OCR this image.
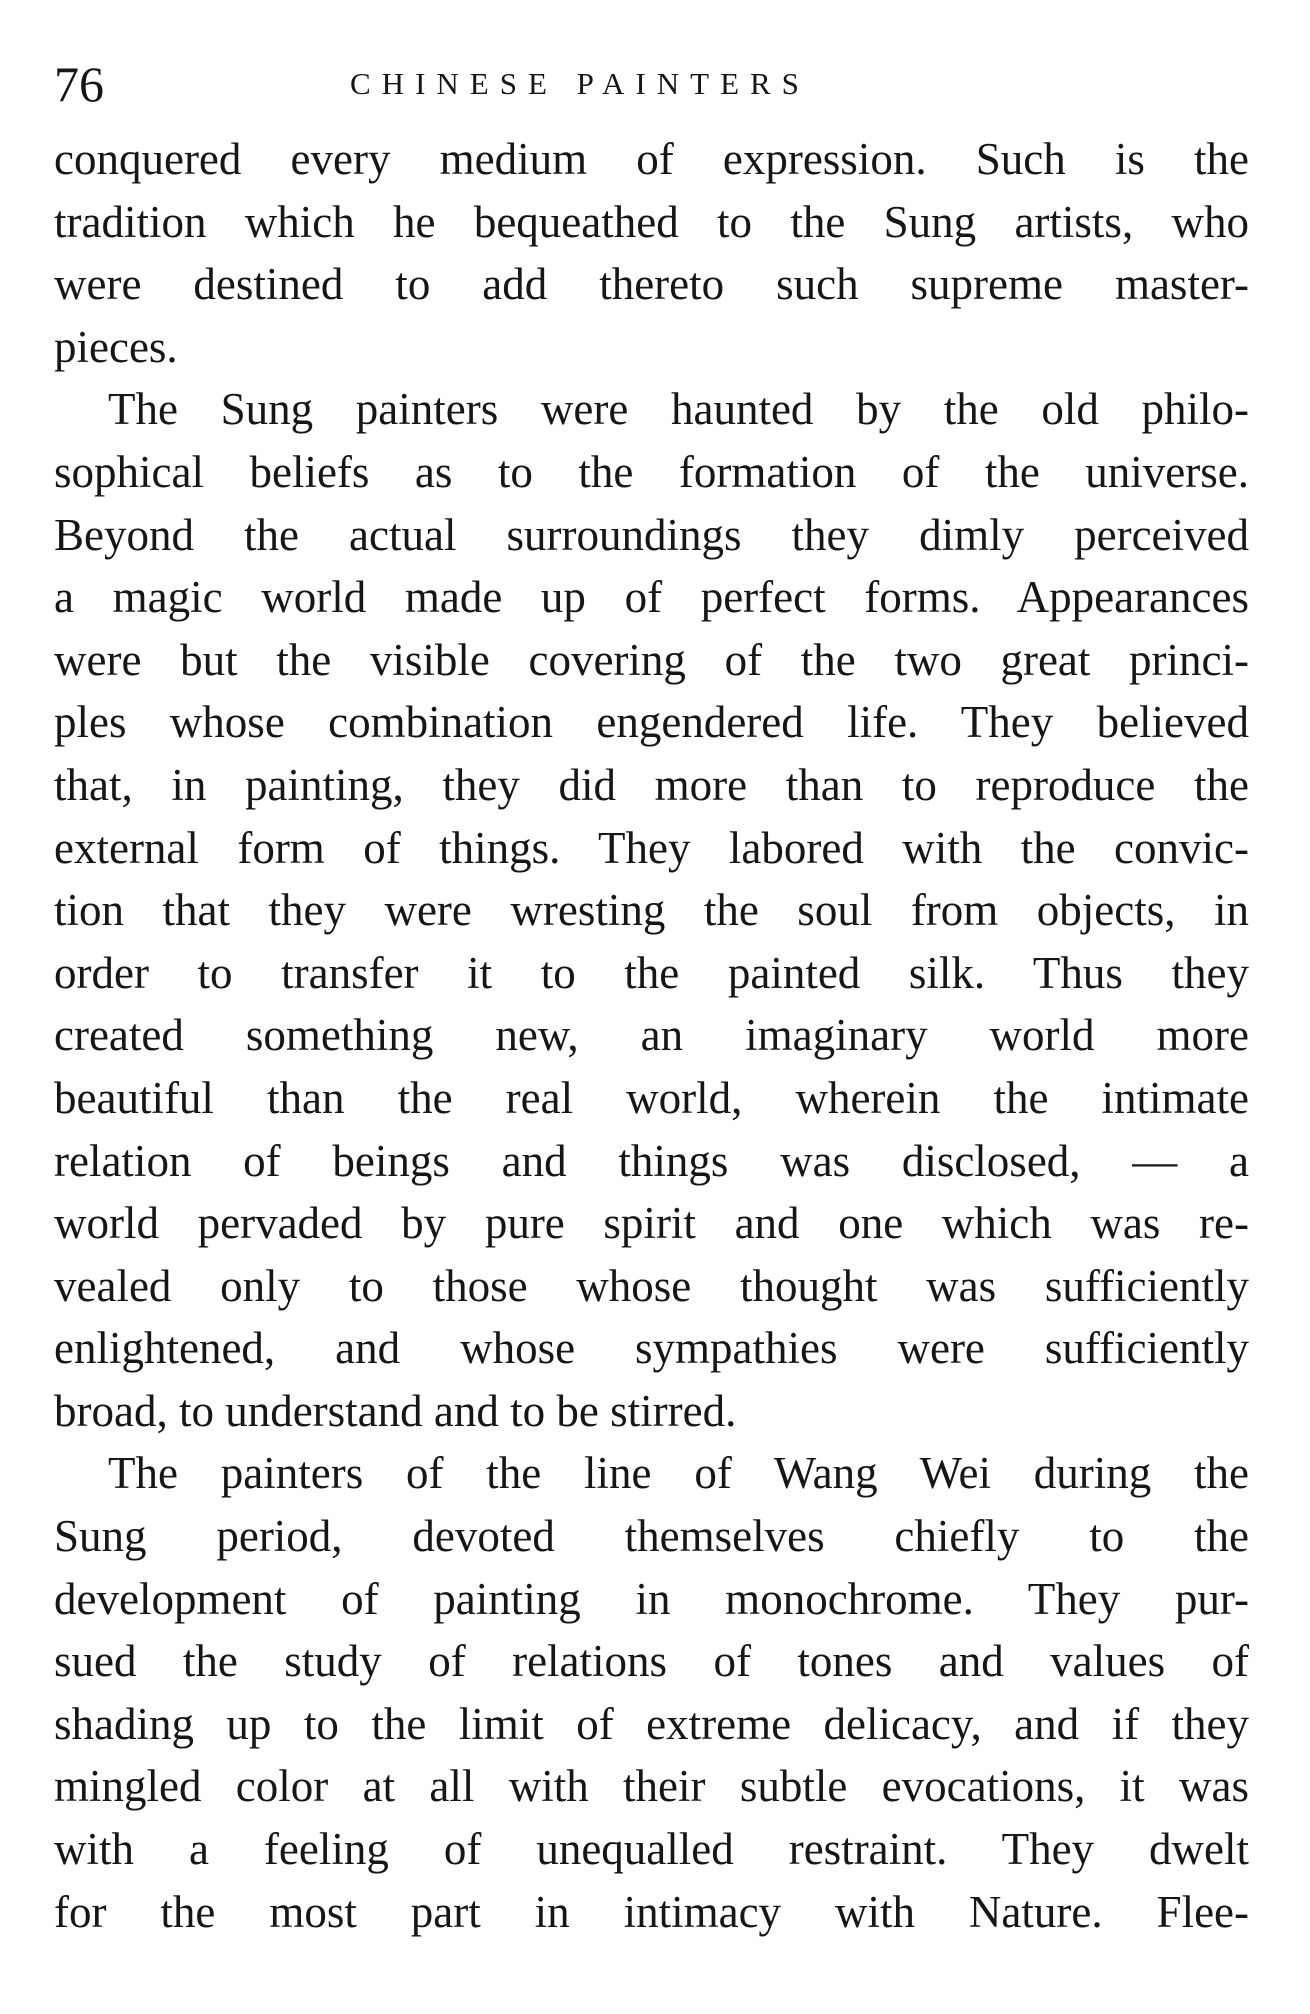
76	CHINESE PAINTERS
conquered every medium of expression. Such is the
tradition which he bequeathed to the Sung artists, who
were destined to add thereto such supreme master-
pieces.
The Sung painters were haunted by the old philo-
sophical beliefs as to the formation of the universe.
Beyond the actual surroundings they dimly perceived
a magic world made up of perfect forms. Appearances
were but the visible covering of the two great princi-
ples whose combination engendered life. They believed
that, in painting, they did more than to reproduce the
external form of things. They labored with the convic-
tion that they were wresting the soul from objects, in
order to transfer it to the painted silk. Thus they
created something new, an imaginary world more
beautiful than the real world, wherein the intimate
relation of beings and things was disclosed, — a
world pervaded by pure spirit and one which was re-
vealed only to those whose thought was sufficiently
enlightened, and whose sympathies were sufficiently
broad, to understand and to be stirred.
The painters of the line of Wang Wei during the
Sung period, devoted themselves chiefly to the
development of painting in monochrome. They pur-
sued the study of relations of tones and values of
shading up to the limit of extreme delicacy, and if they
mingled color at all with their subtle evocations, it was
with a feeling of unequalled restraint. They dwelt
for the most part in intimacy with Nature. Flee-
